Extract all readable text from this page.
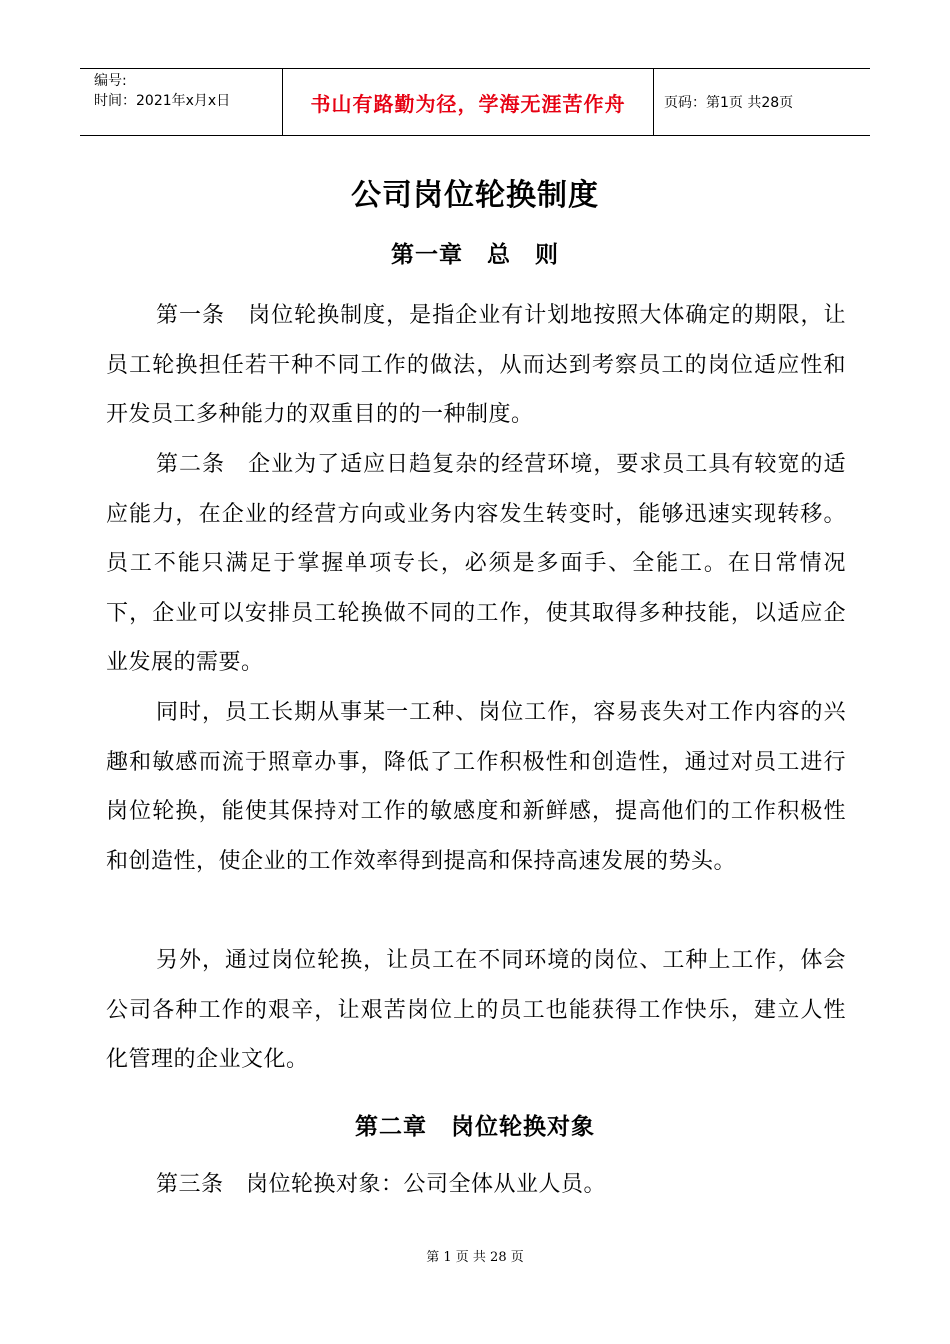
编号:
时间：2021年x月x日	书山有路勤为径，学海无涯苦作舟	页码：第1页 共28页
公司岗位轮换制度
第一章　总　则

第一条　岗位轮换制度，是指企业有计划地按照大体确定的期限，让员工轮换担任若干种不同工作的做法，从而达到考察员工的岗位适应性和开发员工多种能力的双重目的的一种制度。

第二条　企业为了适应日趋复杂的经营环境，要求员工具有较宽的适应能力，在企业的经营方向或业务内容发生转变时，能够迅速实现转移。员工不能只满足于掌握单项专长，必须是多面手、全能工。在日常情况下，企业可以安排员工轮换做不同的工作，使其取得多种技能，以适应企业发展的需要。

同时，员工长期从事某一工种、岗位工作，容易丧失对工作内容的兴趣和敏感而流于照章办事，降低了工作积极性和创造性，通过对员工进行岗位轮换，能使其保持对工作的敏感度和新鲜感，提高他们的工作积极性和创造性，使企业的工作效率得到提高和保持高速发展的势头。

另外，通过岗位轮换，让员工在不同环境的岗位、工种上工作，体会公司各种工作的艰辛，让艰苦岗位上的员工也能获得工作快乐，建立人性化管理的企业文化。

第二章　岗位轮换对象

第三条　岗位轮换对象：公司全体从业人员。

第 1 页 共 28 页
